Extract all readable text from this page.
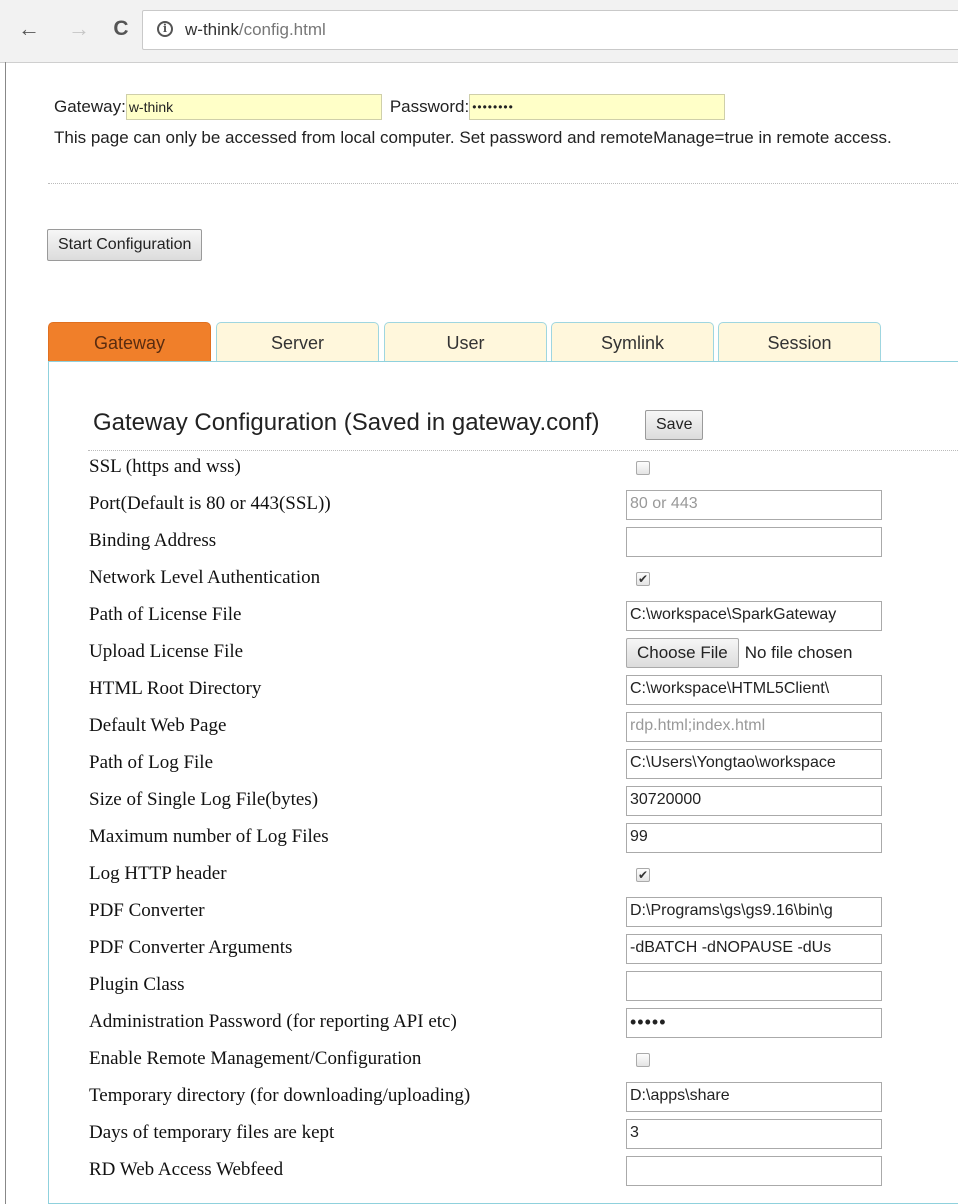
← → C	i	w-think/config.html
Gateway:w-think	Password: ••••••••
This page can only be accessed from local computer. Set password and remoteManage=true in remote access.
Start Configuration
Gateway	Server	User	Symlink	Session
Gateway Configuration (Saved in gateway.conf)	Save
SSL (https and wss)
Port(Default is 80 or 443(SSL))	80 or 443
Binding Address
Network Level Authentication	✔
Path of License File	C:\workspace\SparkGateway
Upload License File	Choose File No file chosen
HTML Root Directory	C:\workspace\HTML5Client\
Default Web Page	rdp.html;index.html
Path of Log File	C:\Users\Yongtao\workspace
Size of Single Log File(bytes)	30720000
Maximum number of Log Files	99
Log HTTP header	✔
PDF Converter	D:\Programs\gs\gs9.16\bin\g
PDF Converter Arguments	-dBATCH -dNOPAUSE -dUs
Plugin Class
Administration Password (for reporting API etc)	•••••
Enable Remote Management/Configuration
Temporary directory (for downloading/uploading)	D:\apps\share
Days of temporary files are kept	3
RD Web Access Webfeed
